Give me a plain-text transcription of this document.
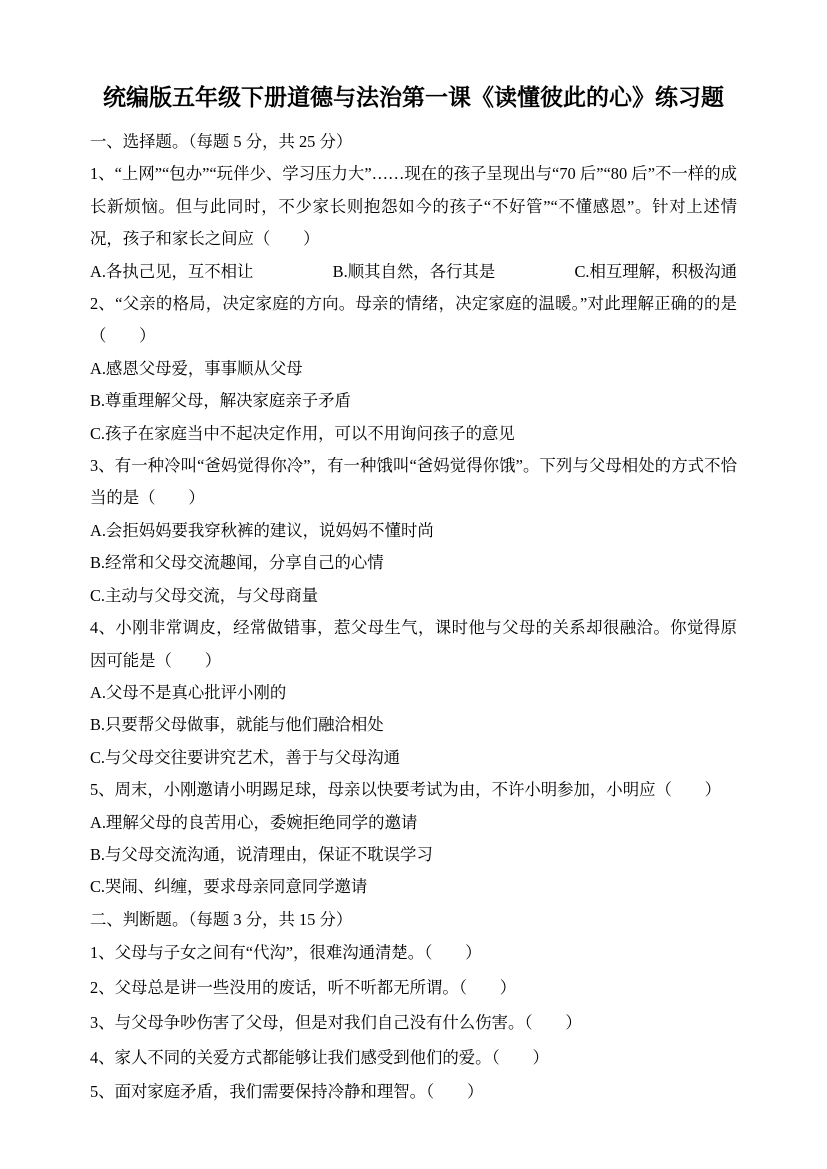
统编版五年级下册道德与法治第一课《读懂彼此的心》练习题

一、选择题。（每题 5 分，共 25 分）

1、“上网”“包办”“玩伴少、学习压力大”……现在的孩子呈现出与“70 后”“80 后”不一样的成长新烦恼。但与此同时，不少家长则抱怨如今的孩子“不好管”“不懂感恩”。针对上述情况，孩子和家长之间应（　　）

A.各执己见，互不相让	B.顺其自然，各行其是	C.相互理解，积极沟通

2、“父亲的格局，决定家庭的方向。母亲的情绪，决定家庭的温暖。”对此理解正确的的是（　　）

A.感恩父母爱，事事顺从父母

B.尊重理解父母，解决家庭亲子矛盾

C.孩子在家庭当中不起决定作用，可以不用询问孩子的意见

3、有一种冷叫“爸妈觉得你冷”，有一种饿叫“爸妈觉得你饿”。下列与父母相处的方式不恰当的是（　　）

A.会拒妈妈要我穿秋裤的建议，说妈妈不懂时尚

B.经常和父母交流趣闻，分享自己的心情

C.主动与父母交流，与父母商量

4、小刚非常调皮，经常做错事，惹父母生气，课时他与父母的关系却很融洽。你觉得原因可能是（　　）

A.父母不是真心批评小刚的

B.只要帮父母做事，就能与他们融洽相处

C.与父母交往要讲究艺术，善于与父母沟通

5、周末，小刚邀请小明踢足球，母亲以快要考试为由，不许小明参加，小明应（　　）

A.理解父母的良苦用心，委婉拒绝同学的邀请

B.与父母交流沟通，说清理由，保证不耽误学习

C.哭闹、纠缠，要求母亲同意同学邀请

二、判断题。（每题 3 分，共 15 分）

1、父母与子女之间有“代沟”，很难沟通清楚。（　　）

2、父母总是讲一些没用的废话，听不听都无所谓。（　　）

3、与父母争吵伤害了父母，但是对我们自己没有什么伤害。（　　）

4、家人不同的关爱方式都能够让我们感受到他们的爱。（　　）

5、面对家庭矛盾，我们需要保持冷静和理智。（　　）
